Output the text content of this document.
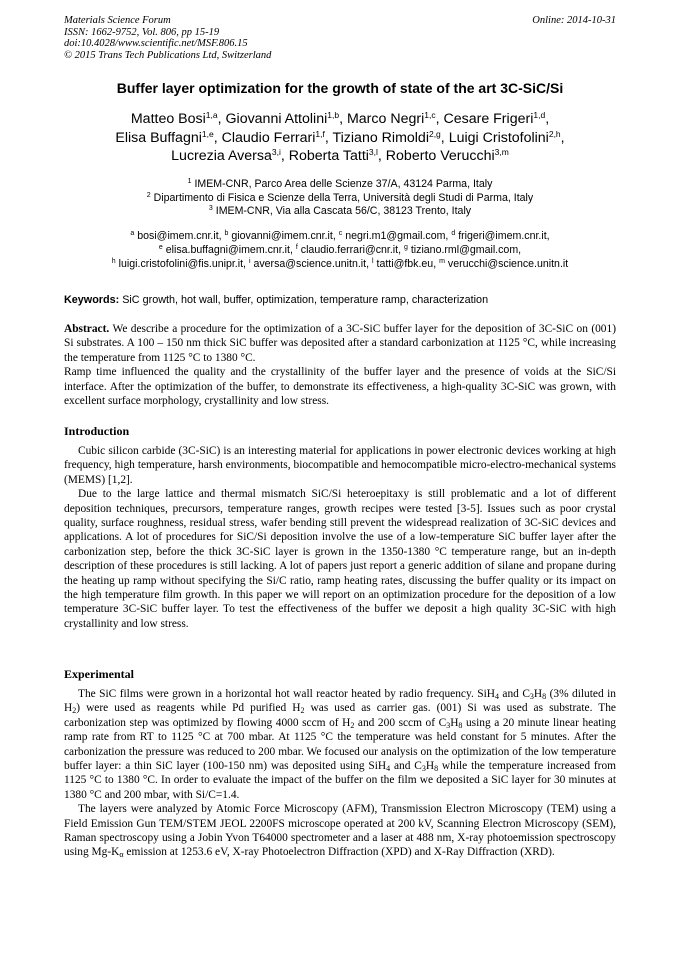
Materials Science Forum
ISSN: 1662-9752, Vol. 806, pp 15-19
doi:10.4028/www.scientific.net/MSF.806.15
© 2015 Trans Tech Publications Ltd, Switzerland
Online: 2014-10-31
Buffer layer optimization for the growth of state of the art 3C-SiC/Si
Matteo Bosi$^{1,a}$, Giovanni Attolini$^{1,b}$, Marco Negri$^{1,c}$, Cesare Frigeri$^{1,d}$,
Elisa Buffagni$^{1,e}$, Claudio Ferrari$^{1,f}$, Tiziano Rimoldi$^{2,g}$, Luigi Cristofolini$^{2,h}$,
Lucrezia Aversa$^{3,i}$, Roberta Tatti$^{3,l}$, Roberto Verucchi$^{3,m}$
$^1$ IMEM-CNR, Parco Area delle Scienze 37/A, 43124 Parma, Italy
$^2$ Dipartimento di Fisica e Scienze della Terra, Università degli Studi di Parma, Italy
$^3$ IMEM-CNR, Via alla Cascata 56/C, 38123 Trento, Italy
$^a$ bosi@imem.cnr.it, $^b$ giovanni@imem.cnr.it, $^c$ negri.m1@gmail.com, $^d$ frigeri@imem.cnr.it,
$^e$ elisa.buffagni@imem.cnr.it, $^f$ claudio.ferrari@cnr.it, $^g$ tiziano.rml@gmail.com,
$^h$ luigi.cristofolini@fis.unipr.it, $^i$ aversa@science.unitn.it, $^l$ tatti@fbk.eu, $^m$ verucchi@science.unitn.it
Keywords: SiC growth, hot wall, buffer, optimization, temperature ramp, characterization

Abstract. We describe a procedure for the optimization of a 3C-SiC buffer layer for the deposition of 3C-SiC on (001) Si substrates. A 100 – 150 nm thick SiC buffer was deposited after a standard carbonization at 1125 °C, while increasing the temperature from 1125 °C to 1380 °C.

Ramp time influenced the quality and the crystallinity of the buffer layer and the presence of voids at the SiC/Si interface. After the optimization of the buffer, to demonstrate its effectiveness, a high-quality 3C-SiC was grown, with excellent surface morphology, crystallinity and low stress.

Introduction

Cubic silicon carbide (3C-SiC) is an interesting material for applications in power electronic devices working at high frequency, high temperature, harsh environments, biocompatible and hemocompatible micro-electro-mechanical systems (MEMS) [1,2].

Due to the large lattice and thermal mismatch SiC/Si heteroepitaxy is still problematic and a lot of different deposition techniques, precursors, temperature ranges, growth recipes were tested [3-5]. Issues such as poor crystal quality, surface roughness, residual stress, wafer bending still prevent the widespread realization of 3C-SiC devices and applications. A lot of procedures for SiC/Si deposition involve the use of a low-temperature SiC buffer layer after the carbonization step, before the thick 3C-SiC layer is grown in the 1350-1380 °C temperature range, but an in-depth description of these procedures is still lacking. A lot of papers just report a generic addition of silane and propane during the heating up ramp without specifying the Si/C ratio, ramp heating rates, discussing the buffer quality or its impact on the high temperature film growth. In this paper we will report on an optimization procedure for the deposition of a low temperature 3C-SiC buffer layer. To test the effectiveness of the buffer we deposit a high quality 3C-SiC with high crystallinity and low stress.

Experimental

The SiC films were grown in a horizontal hot wall reactor heated by radio frequency. SiH$_4$ and $C_3H_8$ (3% diluted in $H_2$) were used as reagents while Pd purified $H_2$ was used as carrier gas. (001) Si was used as substrate. The carbonization step was optimized by flowing 4000 sccm of $H_2$ and 200 sccm of $C_3H_8$ using a 20 minute linear heating ramp rate from RT to 1125 °C at 700 mbar. At 1125 °C the temperature was held constant for 5 minutes. After the carbonization the pressure was reduced to 200 mbar. We focused our analysis on the optimization of the low temperature buffer layer: a thin SiC layer (100-150 nm) was deposited using SiH$_4$ and $C_3H_8$ while the temperature increased from 1125 °C to 1380 °C. In order to evaluate the impact of the buffer on the film we deposited a SiC layer for 30 minutes at 1380 °C and 200 mbar, with Si/C=1.4.

The layers were analyzed by Atomic Force Microscopy (AFM), Transmission Electron Microscopy (TEM) using a Field Emission Gun TEM/STEM JEOL 2200FS microscope operated at 200 kV, Scanning Electron Microscopy (SEM), Raman spectroscopy using a Jobin Yvon T64000 spectrometer and a laser at 488 nm, X-ray photoemission spectroscopy using $Mg-K_\alpha$ emission at 1253.6 eV, X-ray Photoelectron Diffraction (XPD) and X-Ray Diffraction (XRD).
